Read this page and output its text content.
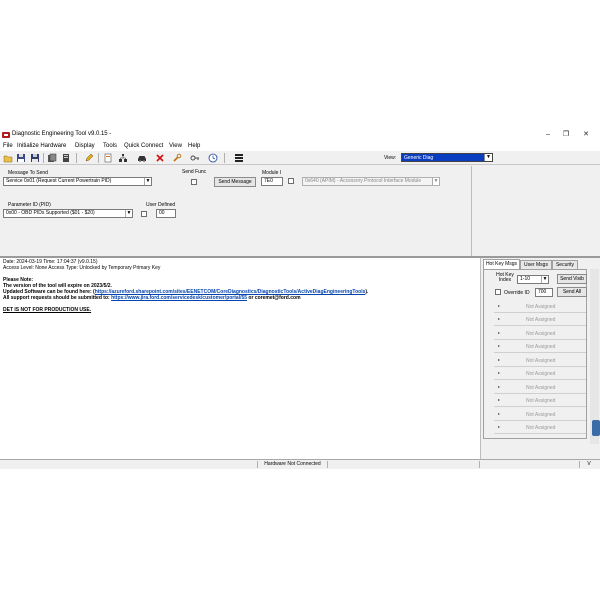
Diagnostic Engineering Tool v9.0.15 -	–	❐	✕
File Initialize Hardware Display Tools Quick Connect View Help
View:	Generic Diag	▼
Message To Send
Service 0x01 (Request Current Powertrain PID)	▼
Send Func
Send Message
Module I
7E0	0x640 (APIM) - Accessory Protocol Interface Module	▼
Parameter ID (PID)
0x00 - OBD PIDs Supported ($01 - $20)	▼
User Defined
00
Date: 2024-03-19 Time: 17:04:37 (v9.0.15)
Access Level: None Access Type: Unlocked by Temporary Primary Key

Please Note:
The version of the tool will expire on 2023/5/2.
Updated Software can be found here: (https://azureford.sharepoint.com/sites/EENETCOM/CoreDiagnostics/DiagnosticTools/ActiveDiagEngineeringTools).
All support requests should be submitted to: https://www.jira.ford.com/servicedesk/customer/portal/55 or coremet@ford.com

DET IS NOT FOR PRODUCTION USE.
Hot Key Msgs	User Msgs	Security
Hot Key Index	1-10	▼	Send Visib
Override ID	700	Send All
▸	Not Assigned
▸	Not Assigned
▸	Not Assigned
▸	Not Assigned
▸	Not Assigned
▸	Not Assigned
▸	Not Assigned
▸	Not Assigned
▸	Not Assigned
▸	Not Assigned
Hardware Not Connected	V
